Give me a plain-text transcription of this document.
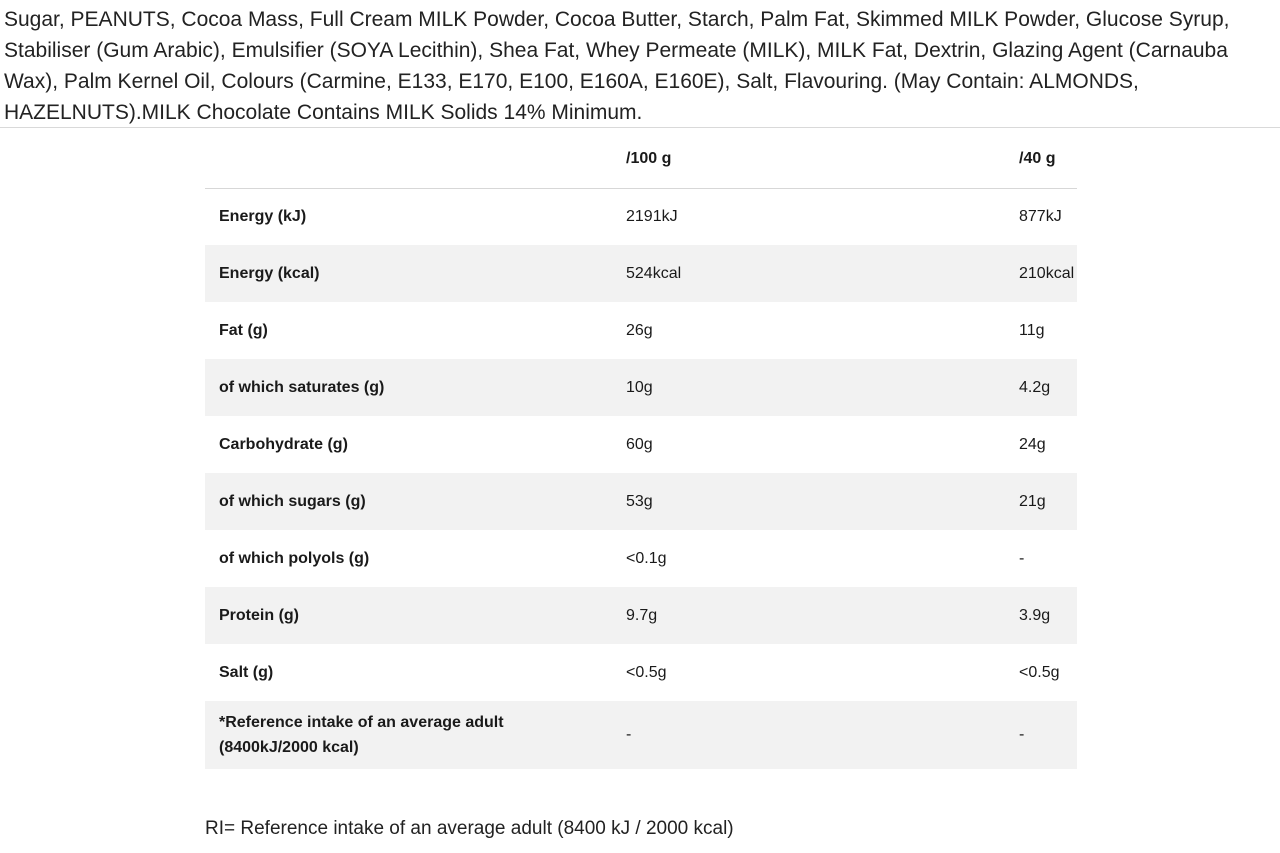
Sugar, PEANUTS, Cocoa Mass, Full Cream MILK Powder, Cocoa Butter, Starch, Palm Fat, Skimmed MILK Powder, Glucose Syrup, Stabiliser (Gum Arabic), Emulsifier (SOYA Lecithin), Shea Fat, Whey Permeate (MILK), MILK Fat, Dextrin, Glazing Agent (Carnauba Wax), Palm Kernel Oil, Colours (Carmine, E133, E170, E100, E160A, E160E), Salt, Flavouring. (May Contain: ALMONDS, HAZELNUTS).MILK Chocolate Contains MILK Solids 14% Minimum.

	/100 g	/40 g
Energy (kJ)	2191kJ	877kJ
Energy (kcal)	524kcal	210kcal
Fat (g)	26g	11g
of which saturates (g)	10g	4.2g
Carbohydrate (g)	60g	24g
of which sugars (g)	53g	21g
of which polyols (g)	<0.1g	-
Protein (g)	9.7g	3.9g
Salt (g)	<0.5g	<0.5g
*Reference intake of an average adult
(8400kJ/2000 kcal)	-	-

RI= Reference intake of an average adult (8400 kJ / 2000 kcal)
